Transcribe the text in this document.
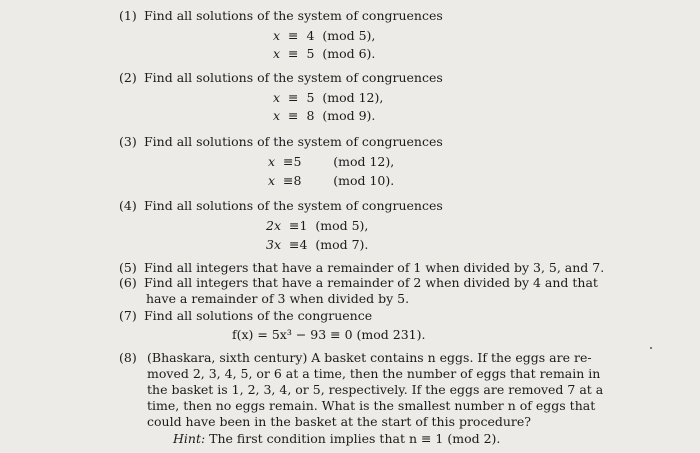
(1) Find all solutions of the system of congruences
x ≡ 4 (mod 5),
x ≡ 5 (mod 6).
(2) Find all solutions of the system of congruences
x ≡ 5 (mod 12),
x ≡ 8 (mod 9).
(3) Find all solutions of the system of congruences
x ≡5	(mod 12),
x ≡8	(mod 10).
(4) Find all solutions of the system of congruences
2x ≡1 (mod 5),
3x ≡4 (mod 7).
(5) Find all integers that have a remainder of 1 when divided by 3, 5, and 7.
(6) Find all integers that have a remainder of 2 when divided by 4 and that
have a remainder of 3 when divided by 5.
(7) Find all solutions of the congruence
f(x) = 5x³ − 93 ≡ 0 (mod 231).
(8) (Bhaskara, sixth century) A basket contains n eggs. If the eggs are re-
moved 2, 3, 4, 5, or 6 at a time, then the number of eggs that remain in
the basket is 1, 2, 3, 4, or 5, respectively. If the eggs are removed 7 at a
time, then no eggs remain. What is the smallest number n of eggs that
could have been in the basket at the start of this procedure?
Hint: The first condition implies that n ≡ 1 (mod 2).
